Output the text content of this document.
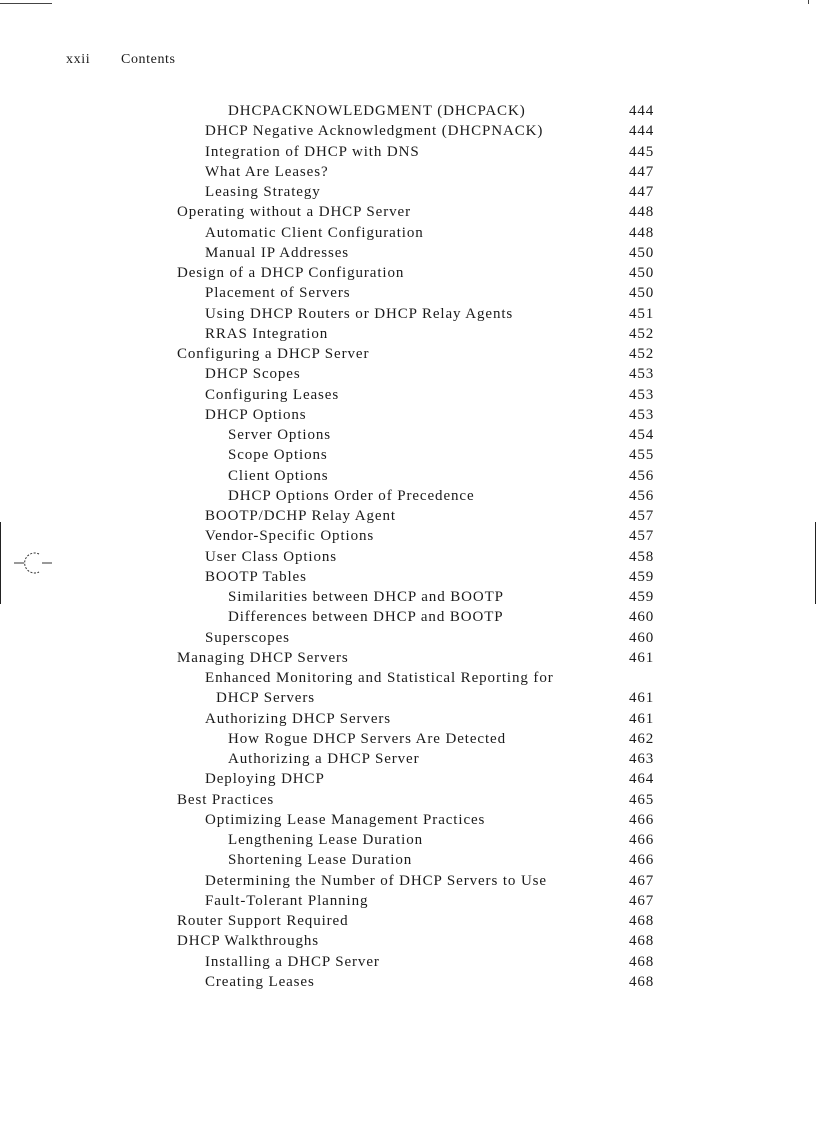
xxii Contents
DHCPACKNOWLEDGMENT (DHCPACK)	444
DHCP Negative Acknowledgment (DHCPNACK)	444
Integration of DHCP with DNS	445
What Are Leases?	447
Leasing Strategy	447
Operating without a DHCP Server	448
Automatic Client Configuration	448
Manual IP Addresses	450
Design of a DHCP Configuration	450
Placement of Servers	450
Using DHCP Routers or DHCP Relay Agents	451
RRAS Integration	452
Configuring a DHCP Server	452
DHCP Scopes	453
Configuring Leases	453
DHCP Options	453
Server Options	454
Scope Options	455
Client Options	456
DHCP Options Order of Precedence	456
BOOTP/DCHP Relay Agent	457
Vendor-Specific Options	457
User Class Options	458
BOOTP Tables	459
Similarities between DHCP and BOOTP	459
Differences between DHCP and BOOTP	460
Superscopes	460
Managing DHCP Servers	461
Enhanced Monitoring and Statistical Reporting for
DHCP Servers	461
Authorizing DHCP Servers	461
How Rogue DHCP Servers Are Detected	462
Authorizing a DHCP Server	463
Deploying DHCP	464
Best Practices	465
Optimizing Lease Management Practices	466
Lengthening Lease Duration	466
Shortening Lease Duration	466
Determining the Number of DHCP Servers to Use	467
Fault-Tolerant Planning	467
Router Support Required	468
DHCP Walkthroughs	468
Installing a DHCP Server	468
Creating Leases	468
